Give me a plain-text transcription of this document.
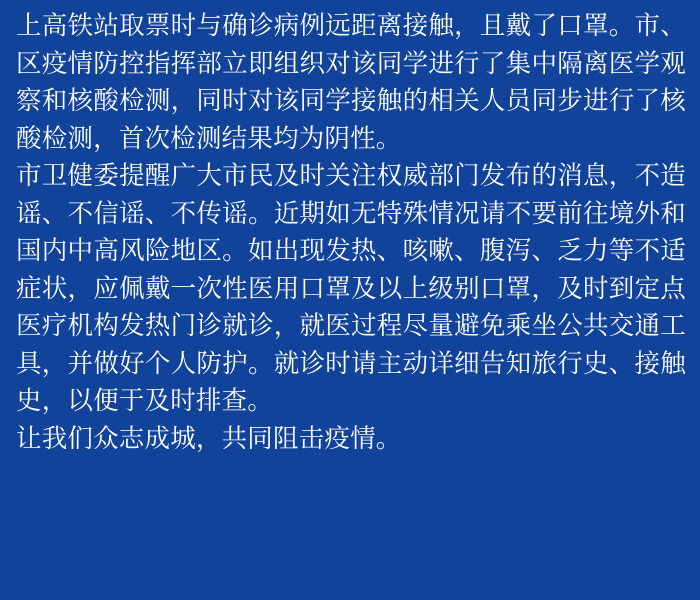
上高铁站取票时与确诊病例远距离接触，且戴了口罩。市、区疫情防控指挥部立即组织对该同学进行了集中隔离医学观察和核酸检测，同时对该同学接触的相关人员同步进行了核酸检测，首次检测结果均为阴性。

市卫健委提醒广大市民及时关注权威部门发布的消息，不造谣、不信谣、不传谣。近期如无特殊情况请不要前往境外和国内中高风险地区。如出现发热、咳嗽、腹泻、乏力等不适症状，应佩戴一次性医用口罩及以上级别口罩，及时到定点医疗机构发热门诊就诊，就医过程尽量避免乘坐公共交通工具，并做好个人防护。就诊时请主动详细告知旅行史、接触史，以便于及时排查。

让我们众志成城，共同阻击疫情。
